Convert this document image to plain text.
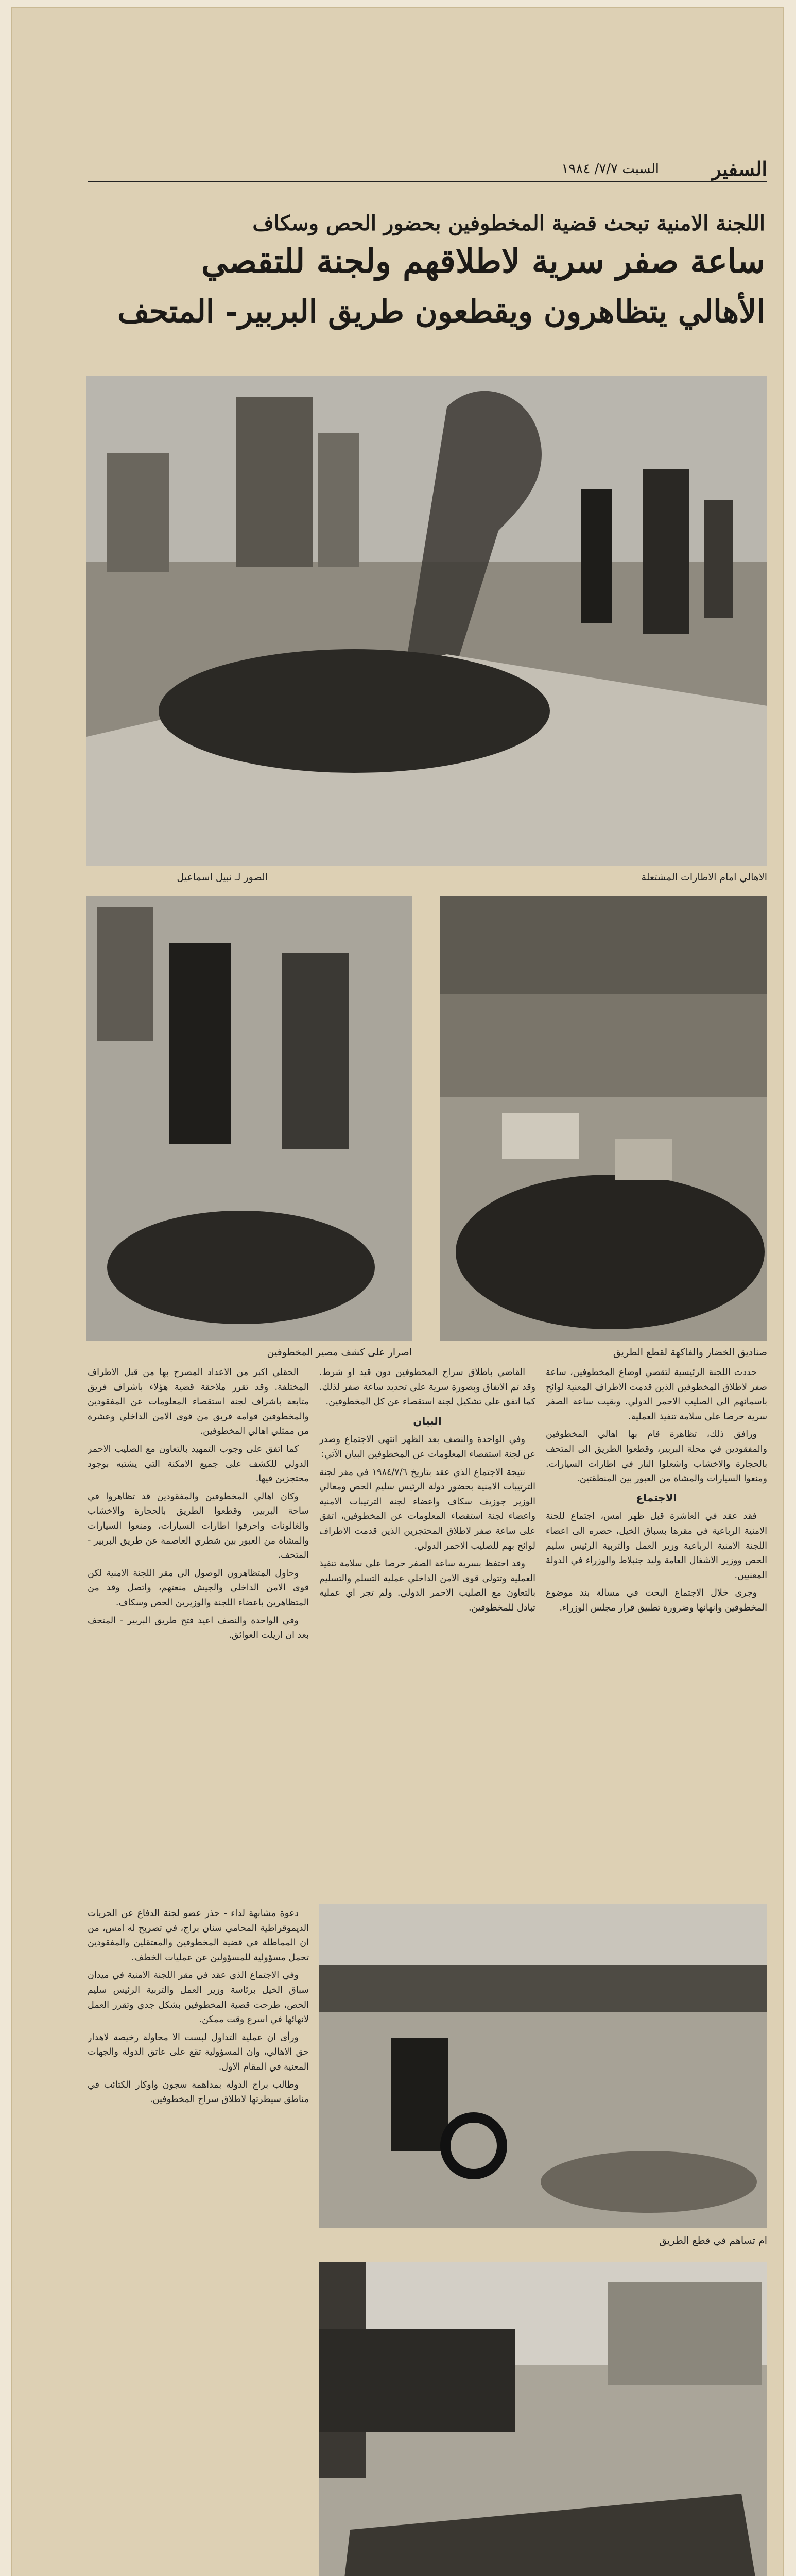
السفير
السبت ٧/٧/ ١٩٨٤
اللجنة الامنية تبحث قضية المخطوفين بحضور الحص وسكاف
ساعة صفر سرية لاطلاقهم ولجنة للتقصي
الأهالي يتظاهرون ويقطعون طريق البربير- المتحف
الصور لـ نبيل اسماعيل	الاهالي امام الاطارات المشتعلة
اصرار على كشف مصير المخطوفين	صناديق الخضار والفاكهة لقطع الطريق

حددت اللجنة الرئيسية لتقصي اوضاع المخطوفين، ساعة صفر لاطلاق المخطوفين الذين قدمت الاطراف المعنية لوائح باسمائهم الى الصليب الاحمر الدولي. وبقيت ساعة الصفر سرية حرصا على سلامة تنفيذ العملية.

ورافق ذلك، تظاهرة قام بها اهالي المخطوفين والمفقودين في محلة البربير، وقطعوا الطريق الى المتحف بالحجارة والاخشاب واشعلوا النار في اطارات السيارات. ومنعوا السيارات والمشاة من العبور بين المنطقتين.

الاجتماع

فقد عقد في العاشرة قبل ظهر امس، اجتماع للجنة الامنية الرباعية في مقرها بسباق الخيل، حضره الى اعضاء اللجنة الامنية الرباعية وزير العمل والتربية الرئيس سليم الحص ووزير الاشغال العامة وليد جنبلاط والوزراء في الدولة المعنيين.

وجرى خلال الاجتماع البحث في مسالة بند موضوع المخطوفين وانهائها وضرورة تطبيق قرار مجلس الوزراء.

القاضي باطلاق سراح المخطوفين دون قيد او شرط. وقد تم الاتفاق وبصورة سرية على تحديد ساعة صفر لذلك. كما اتفق على تشكيل لجنة استقصاء عن كل المخطوفين.

البيان

وفي الواحدة والنصف بعد الظهر انتهى الاجتماع وصدر عن لجنة استقصاء المعلومات عن المخطوفين البيان الآتي:

نتيجة الاجتماع الذي عقد بتاريخ ١٩٨٤/٧/٦ في مقر لجنة الترتيبات الامنية بحضور دولة الرئيس سليم الحص ومعالي الوزير جوزيف سكاف واعضاء لجنة الترتيبات الامنية واعضاء لجنة استقصاء المعلومات عن المخطوفين، اتفق على ساعة صفر لاطلاق المحتجزين الذين قدمت الاطراف لوائح بهم للصليب الاحمر الدولي.

وقد احتفظ بسرية ساعة الصفر حرصا على سلامة تنفيذ العملية وتتولى قوى الامن الداخلي عملية التسلم والتسليم بالتعاون مع الصليب الاحمر الدولي. ولم تجر اي عملية تبادل للمخطوفين.

الحقلي اكبر من الاعداد المصرح بها من قبل الاطراف المختلفة. وقد تقرر ملاحقة قضية هؤلاء باشراف فريق متابعة باشراف لجنة استقصاء المعلومات عن المفقودين والمخطوفين قوامه فريق من قوى الامن الداخلي وعشرة من ممثلي اهالي المخطوفين.

كما اتفق على وجوب التمهيد بالتعاون مع الصليب الاحمر الدولي للكشف على جميع الامكنة التي يشتبه بوجود محتجزين فيها.

وكان اهالي المخطوفين والمفقودين قد تظاهروا في ساحة البربير، وقطعوا الطريق بالحجارة والاخشاب والغالونات واحرقوا اطارات السيارات، ومنعوا السيارات والمشاة من العبور بين شطري العاصمة عن طريق البربير - المتحف.

وحاول المتظاهرون الوصول الى مقر اللجنة الامنية لكن قوى الامن الداخلي والجيش منعتهم، واتصل وفد من المتظاهرين باعضاء اللجنة والوزيرين الحص وسكاف.

وفي الواحدة والنصف اعيد فتح طريق البربير - المتحف بعد ان ازيلت العوائق.

دعوة مشابهة لداء - حذر عضو لجنة الدفاع عن الحريات الديموقراطية المحامي سنان براج، في تصريح له امس، من ان المماطلة في قضية المخطوفين والمعتقلين والمفقودين تحمل مسؤولية للمسؤولين عن عمليات الخطف.

وفي الاجتماع الذي عقد في مقر اللجنة الامنية في ميدان سباق الخيل برئاسة وزير العمل والتربية الرئيس سليم الحص، طرحت قضية المخطوفين بشكل جدي وتقرر العمل لانهائها في اسرع وقت ممكن.

ورأى ان عملية التداول لبست الا محاولة رخيصة لاهدار حق الاهالي، وان المسؤولية تقع على عاتق الدولة والجهات المعنية في المقام الاول.

وطالب براج الدولة بمداهمة سجون واوكار الكتائب في مناطق سيطرتها لاطلاق سراح المخطوفين.

ام تساهم في قطع الطريق
